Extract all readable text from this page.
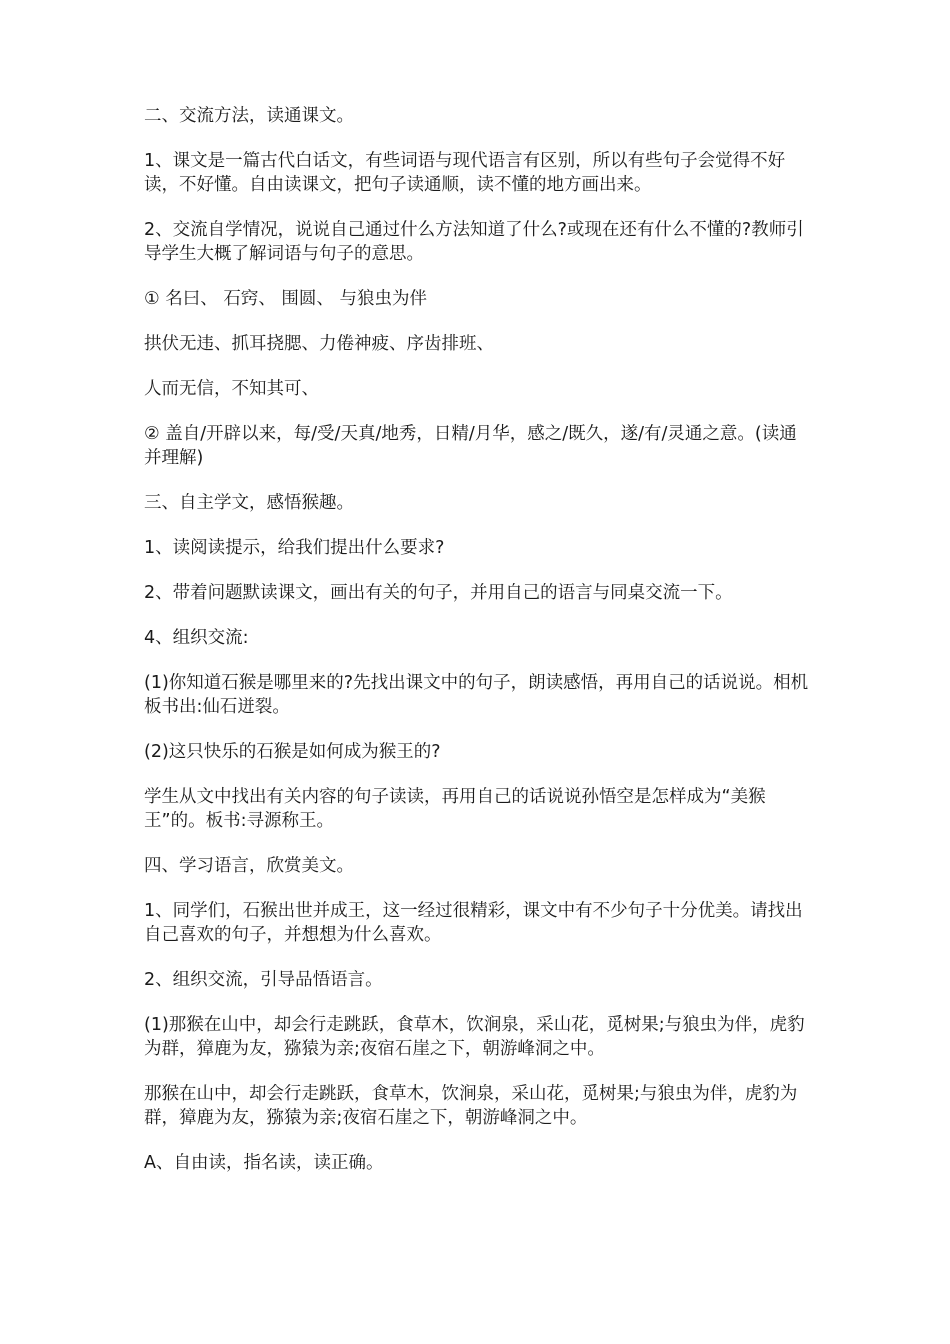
二、交流方法，读通课文。

1、课文是一篇古代白话文，有些词语与现代语言有区别，所以有些句子会觉得不好读，不好懂。自由读课文，把句子读通顺，读不懂的地方画出来。

2、交流自学情况，说说自己通过什么方法知道了什么?或现在还有什么不懂的?教师引导学生大概了解词语与句子的意思。

① 名曰、 石窍、 围圆、 与狼虫为伴

拱伏无违、抓耳挠腮、力倦神疲、序齿排班、

人而无信，不知其可、

② 盖自/开辟以来，每/受/天真/地秀，日精/月华，感之/既久，遂/有/灵通之意。(读通并理解)

三、自主学文，感悟猴趣。

1、读阅读提示，给我们提出什么要求?

2、带着问题默读课文，画出有关的句子，并用自己的语言与同桌交流一下。

4、组织交流:

(1)你知道石猴是哪里来的?先找出课文中的句子，朗读感悟，再用自己的话说说。相机板书出:仙石迸裂。

(2)这只快乐的石猴是如何成为猴王的?

学生从文中找出有关内容的句子读读，再用自己的话说说孙悟空是怎样成为“美猴王”的。板书:寻源称王。

四、学习语言，欣赏美文。

1、同学们，石猴出世并成王，这一经过很精彩，课文中有不少句子十分优美。请找出自己喜欢的句子，并想想为什么喜欢。

2、组织交流，引导品悟语言。

(1)那猴在山中，却会行走跳跃，食草木，饮涧泉，采山花，觅树果;与狼虫为伴，虎豹为群，獐鹿为友，猕猿为亲;夜宿石崖之下，朝游峰洞之中。

那猴在山中，却会行走跳跃，食草木，饮涧泉，采山花，觅树果;与狼虫为伴，虎豹为群，獐鹿为友，猕猿为亲;夜宿石崖之下，朝游峰洞之中。

A、自由读，指名读，读正确。
